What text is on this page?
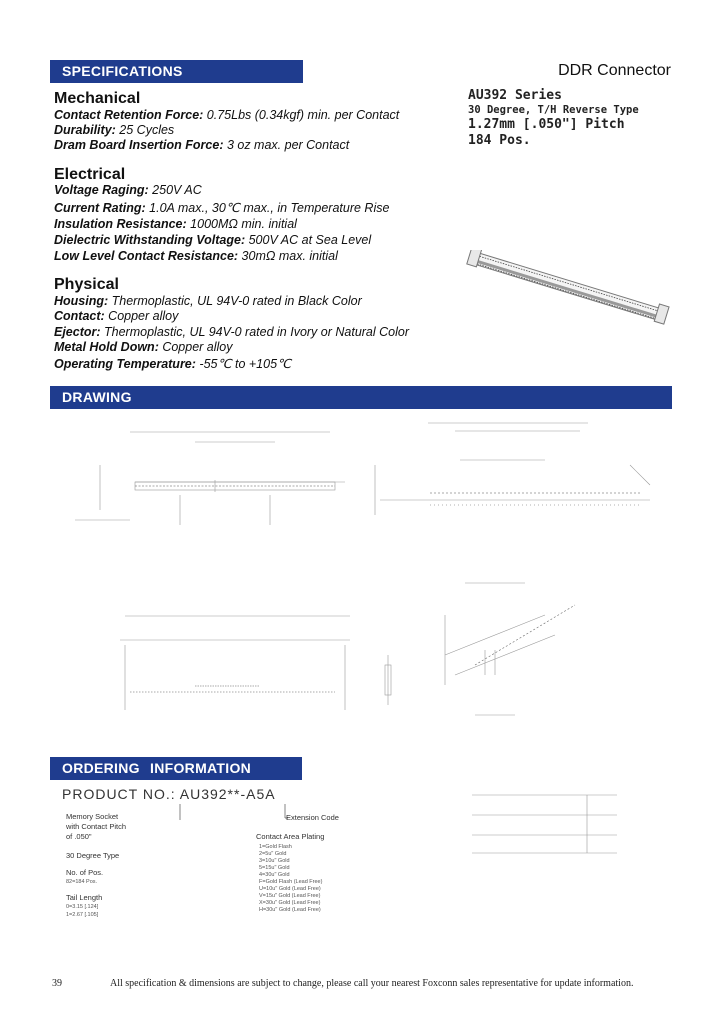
SPECIFICATIONS	DDR Connector
AU392 Series
30 Degree, T/H Reverse Type
1.27mm [.050"] Pitch
184 Pos.
Mechanical
Contact Retention Force: 0.75Lbs (0.34kgf) min. per Contact
Durability: 25 Cycles
Dram Board Insertion Force: 3 oz max. per Contact
Electrical
Voltage Raging: 250V AC
Current Rating: 1.0A max., 30℃ max., in Temperature Rise
Insulation Resistance: 1000MΩ min. initial
Dielectric Withstanding Voltage: 500V AC at Sea Level
Low Level Contact Resistance: 30mΩ max. initial
Physical
Housing: Thermoplastic, UL 94V-0 rated in Black Color
Contact: Copper alloy
Ejector: Thermoplastic, UL 94V-0 rated in Ivory or Natural Color
Metal Hold Down: Copper alloy
Operating Temperature: -55℃ to +105℃
DRAWING
ORDERING INFORMATION
PRODUCT NO.: AU392**-A5A
Memory Socket
with Contact Pitch
of .050"
30 Degree Type
No. of Pos.
82=184 Pos.
Tail Length
0=3.15 [.124]
1=2.67 [.105]
Extension Code
Contact Area Plating
1=Gold Flash
2=5u" Gold
3=10u" Gold
5=15u" Gold
4=30u" Gold
F=Gold Flash (Lead Free)
U=10u" Gold (Lead Free)
V=15u" Gold (Lead Free)
X=30u" Gold (Lead Free)
H=30u" Gold (Lead Free)
39	All specification & dimensions are subject to change, please call your nearest Foxconn sales representative for update information.
